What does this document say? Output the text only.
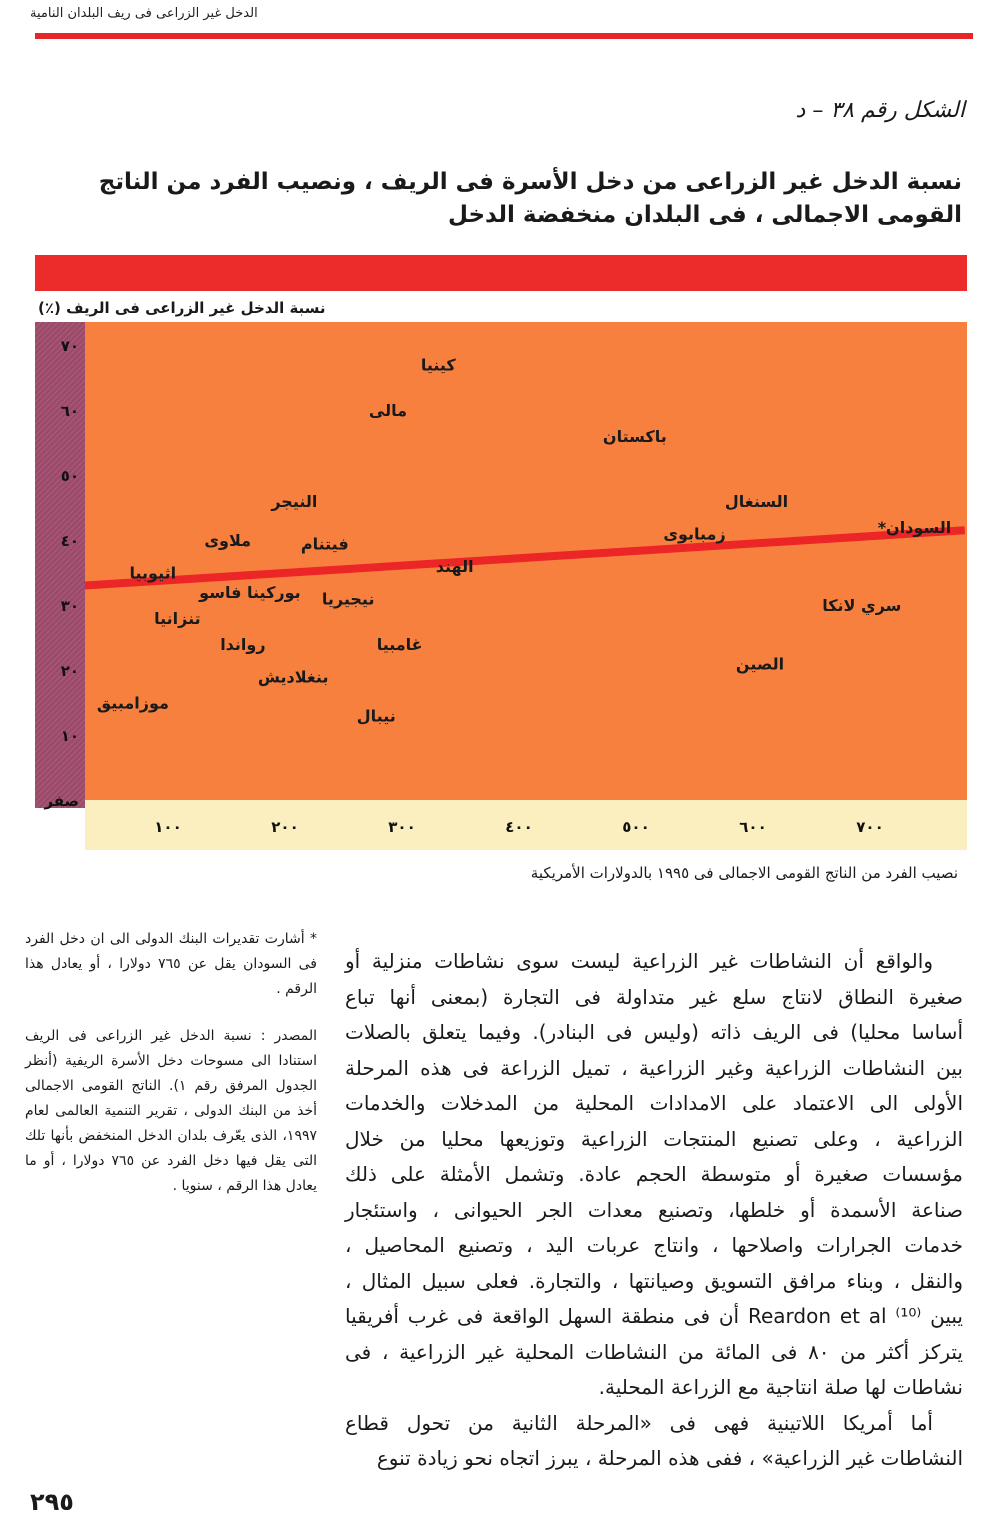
الدخل غير الزراعى فى ريف البلدان النامية
الشكل رقم ٣٨ – د
نسبة الدخل غير الزراعى من دخل الأسرة فى الريف ، ونصيب الفرد من الناتج القومى الاجمالى ، فى البلدان منخفضة الدخل
نسبة الدخل غير الزراعى فى الريف (٪)
صفر
١٠
٢٠
٣٠
٤٠
٥٠
٦٠
٧٠
١٠٠	٢٠٠	٣٠٠	٤٠٠	٥٠٠	٦٠٠	٧٠٠
كينيا
مالى
باكستان
النيجر	السنغال
السودان*
زمبابوى
ملاوى	فيتنام
اثيوبيا	الهند
بوركينا فاسو نيجيريا	سري لانكا
تنزانيا
رواندا	غامبيا
الصين
بنغلاديش
موزامبيق
نيبال
نصيب الفرد من الناتج القومى الاجمالى فى ١٩٩٥ بالدولارات الأمريكية

* أشارت تقديرات البنك الدولى الى ان دخل الفرد فى السودان يقل عن ٧٦٥ دولارا ، أو يعادل هذا الرقم .

المصدر : نسبة الدخل غير الزراعى فى الريف استنادا الى مسوحات دخل الأسرة الريفية (أنظر الجدول المرفق رقم ١). الناتج القومى الاجمالى أخذ من البنك الدولى ، تقرير التنمية العالمى لعام ١٩٩٧، الذى يعّرف بلدان الدخل المنخفض بأنها تلك التى يقل فيها دخل الفرد عن ٧٦٥ دولارا ، أو ما يعادل هذا الرقم ، سنويا .

والواقع أن النشاطات غير الزراعية ليست سوى نشاطات منزلية أو
صغيرة النطاق لانتاج سلع غير متداولة فى التجارة (بمعنى أنها تباع
أساسا محليا) فى الريف ذاته (وليس فى البنادر). وفيما يتعلق بالصلات
بين النشاطات الزراعية وغير الزراعية ، تميل الزراعة فى هذه المرحلة
الأولى الى الاعتماد على الامدادات المحلية من المدخلات والخدمات
الزراعية ، وعلى تصنيع المنتجات الزراعية وتوزيعها محليا من خلال
مؤسسات صغيرة أو متوسطة الحجم عادة. وتشمل الأمثلة على ذلك
صناعة الأسمدة أو خلطها، وتصنيع معدات الجر الحيوانى ، واستئجار
خدمات الجرارات واصلاحها ، وانتاج عربات اليد ، وتصنيع المحاصيل ،
والنقل ، وبناء مرافق التسويق وصيانتها ، والتجارة. فعلى سبيل المثال ،
يبين Reardon et al ⁽¹⁰⁾ أن فى منطقة السهل الواقعة فى غرب أفريقيا
يتركز أكثر من ٨٠ فى المائة من النشاطات المحلية غير الزراعية ، فى
نشاطات لها صلة انتاجية مع الزراعة المحلية.
أما أمريكا اللاتينية فهى فى «المرحلة الثانية من تحول قطاع
النشاطات غير الزراعية» ، ففى هذه المرحلة ، يبرز اتجاه نحو زيادة تنوع
٢٩٥
